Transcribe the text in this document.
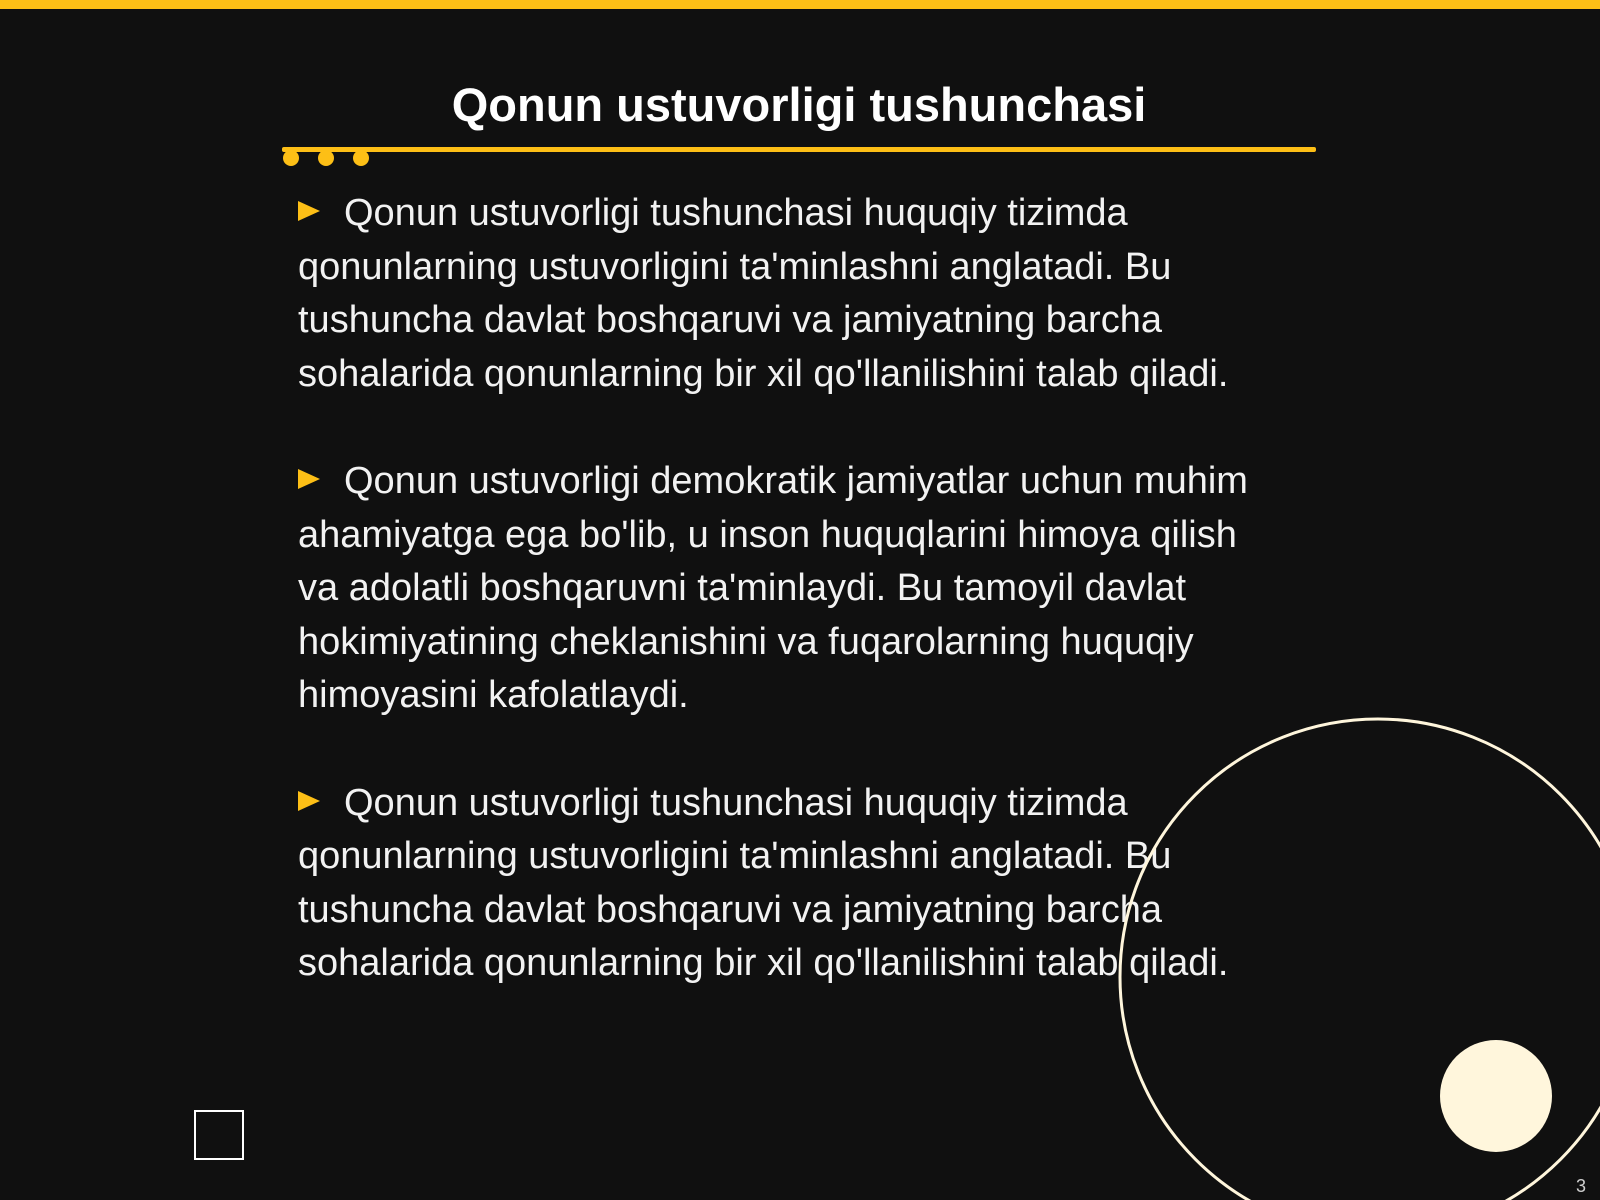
Qonun ustuvorligi tushunchasi
Qonun ustuvorligi tushunchasi huquqiy tizimda qonunlarning ustuvorligini ta'minlashni anglatadi. Bu tushuncha davlat boshqaruvi va jamiyatning barcha sohalarida qonunlarning bir xil qo'llanilishini talab qiladi.
Qonun ustuvorligi demokratik jamiyatlar uchun muhim ahamiyatga ega bo'lib, u inson huquqlarini himoya qilish va adolatli boshqaruvni ta'minlaydi. Bu tamoyil davlat hokimiyatining cheklanishini va fuqarolarning huquqiy himoyasini kafolatlaydi.
Qonun ustuvorligi tushunchasi huquqiy tizimda qonunlarning ustuvorligini ta'minlashni anglatadi. Bu tushuncha davlat boshqaruvi va jamiyatning barcha sohalarida qonunlarning bir xil qo'llanilishini talab qiladi.
3
